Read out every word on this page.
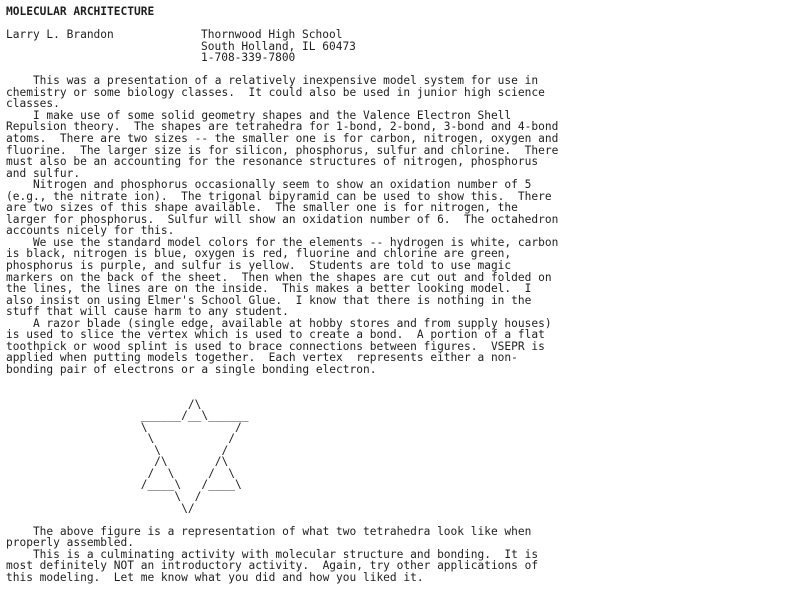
MOLECULAR ARCHITECTURE
Larry L. Brandon	Thornwood High School
South Holland, IL 60473
1-708-339-7800
This was a presentation of a relatively inexpensive model system for use in
chemistry or some biology classes.  It could also be used in junior high science
classes.
I make use of some solid geometry shapes and the Valence Electron Shell
Repulsion theory.  The shapes are tetrahedra for 1-bond, 2-bond, 3-bond and 4-bond
atoms.  There are two sizes -- the smaller one is for carbon, nitrogen, oxygen and
fluorine.  The larger size is for silicon, phosphorus, sulfur and chlorine.  There
must also be an accounting for the resonance structures of nitrogen, phosphorus
and sulfur.
Nitrogen and phosphorus occasionally seem to show an oxidation number of 5
(e.g., the nitrate ion).  The trigonal bipyramid can be used to show this.  There
are two sizes of this shape available.  The smaller one is for nitrogen, the
larger for phosphorus.  Sulfur will show an oxidation number of 6.  The octahedron
accounts nicely for this.
We use the standard model colors for the elements -- hydrogen is white, carbon
is black, nitrogen is blue, oxygen is red, fluorine and chlorine are green,
phosphorus is purple, and sulfur is yellow.  Students are told to use magic
markers on the back of the sheet.  Then when the shapes are cut out and folded on
the lines, the lines are on the inside.  This makes a better looking model.  I
also insist on using Elmer's School Glue.  I know that there is nothing in the
stuff that will cause harm to any student.
A razor blade (single edge, available at hobby stores and from supply houses)
is used to slice the vertex which is used to create a bond.  A portion of a flat
toothpick or wood splint is used to brace connections between figures.  VSEPR is
applied when putting models together.  Each vertex  represents either a non-
bonding pair of electrons or a single bonding electron.
/\
______/__\______
\             /
\           /
\         /
/\       /\
/  \     /  \
/____\   /____\
\  /
\/
The above figure is a representation of what two tetrahedra look like when
properly assembled.
This is a culminating activity with molecular structure and bonding.  It is
most definitely NOT an introductory activity.  Again, try other applications of
this modeling.  Let me know what you did and how you liked it.
